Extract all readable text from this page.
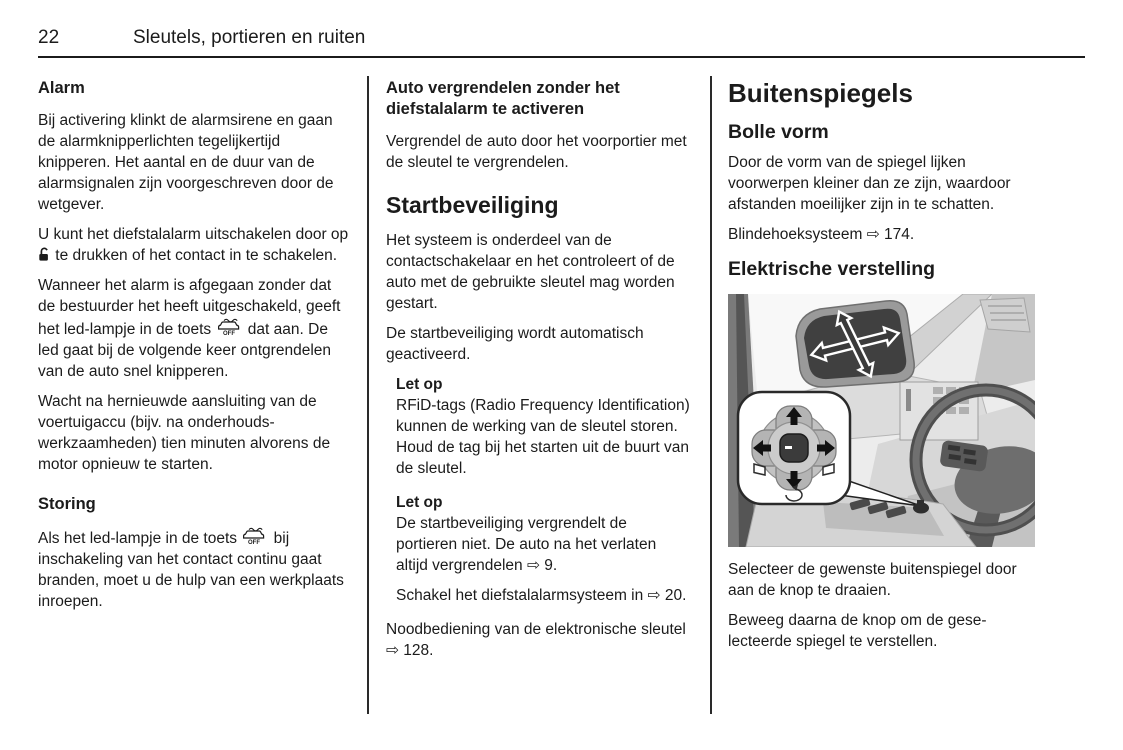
22	Sleutels, portieren en ruiten
Alarm

Bij activering klinkt de alarmsirene en gaan de alarmknipperlichten tegelijkertijd knipperen. Het aantal en de duur van de alarmsignalen zijn voorgeschreven door de wetgever.

U kunt het diefstalalarm uitschakelen door op  te drukken of het contact in te schakelen.

Wanneer het alarm is afgegaan zonder dat de bestuurder het heeft uitgeschakeld, geeft het led-lampje in de toets OFF dat aan. De led gaat bij de volgende keer ontgrendelen van de auto snel knipperen.

Wacht na hernieuwde aansluiting van de voertuigaccu (bijv. na onderhoudswerkzaamheden) tien minuten alvorens de motor opnieuw te starten.

Storing

Als het led-lampje in de toets OFF bij inschakeling van het contact continu gaat branden, moet u de hulp van een werkplaats inroepen.

Auto vergrendelen zonder het diefstalalarm te activeren

Vergrendel de auto door het voorportier met de sleutel te vergrendelen.

Startbeveiliging

Het systeem is onderdeel van de contactschakelaar en het controleert of de auto met de gebruikte sleutel mag worden gestart.

De startbeveiliging wordt automatisch geactiveerd.

Let op

RFiD-tags (Radio Frequency Identification) kunnen de werking van de sleutel storen. Houd de tag bij het starten uit de buurt van de sleutel.

Let op

De startbeveiliging vergrendelt de portieren niet. De auto na het verlaten altijd vergrendelen ⇨ 9.

Schakel het diefstalalarmsysteem in ⇨ 20.

Noodbediening van de elektronische sleutel ⇨ 128.

Buitenspiegels
Bolle vorm

Door de vorm van de spiegel lijken voorwerpen kleiner dan ze zijn, waardoor afstanden moeilijker zijn in te schatten.

Blindehoeksysteem ⇨ 174.

Elektrische verstelling

Selecteer de gewenste buitenspiegel door aan de knop te draaien.

Beweeg daarna de knop om de geselecteerde spiegel te verstellen.
